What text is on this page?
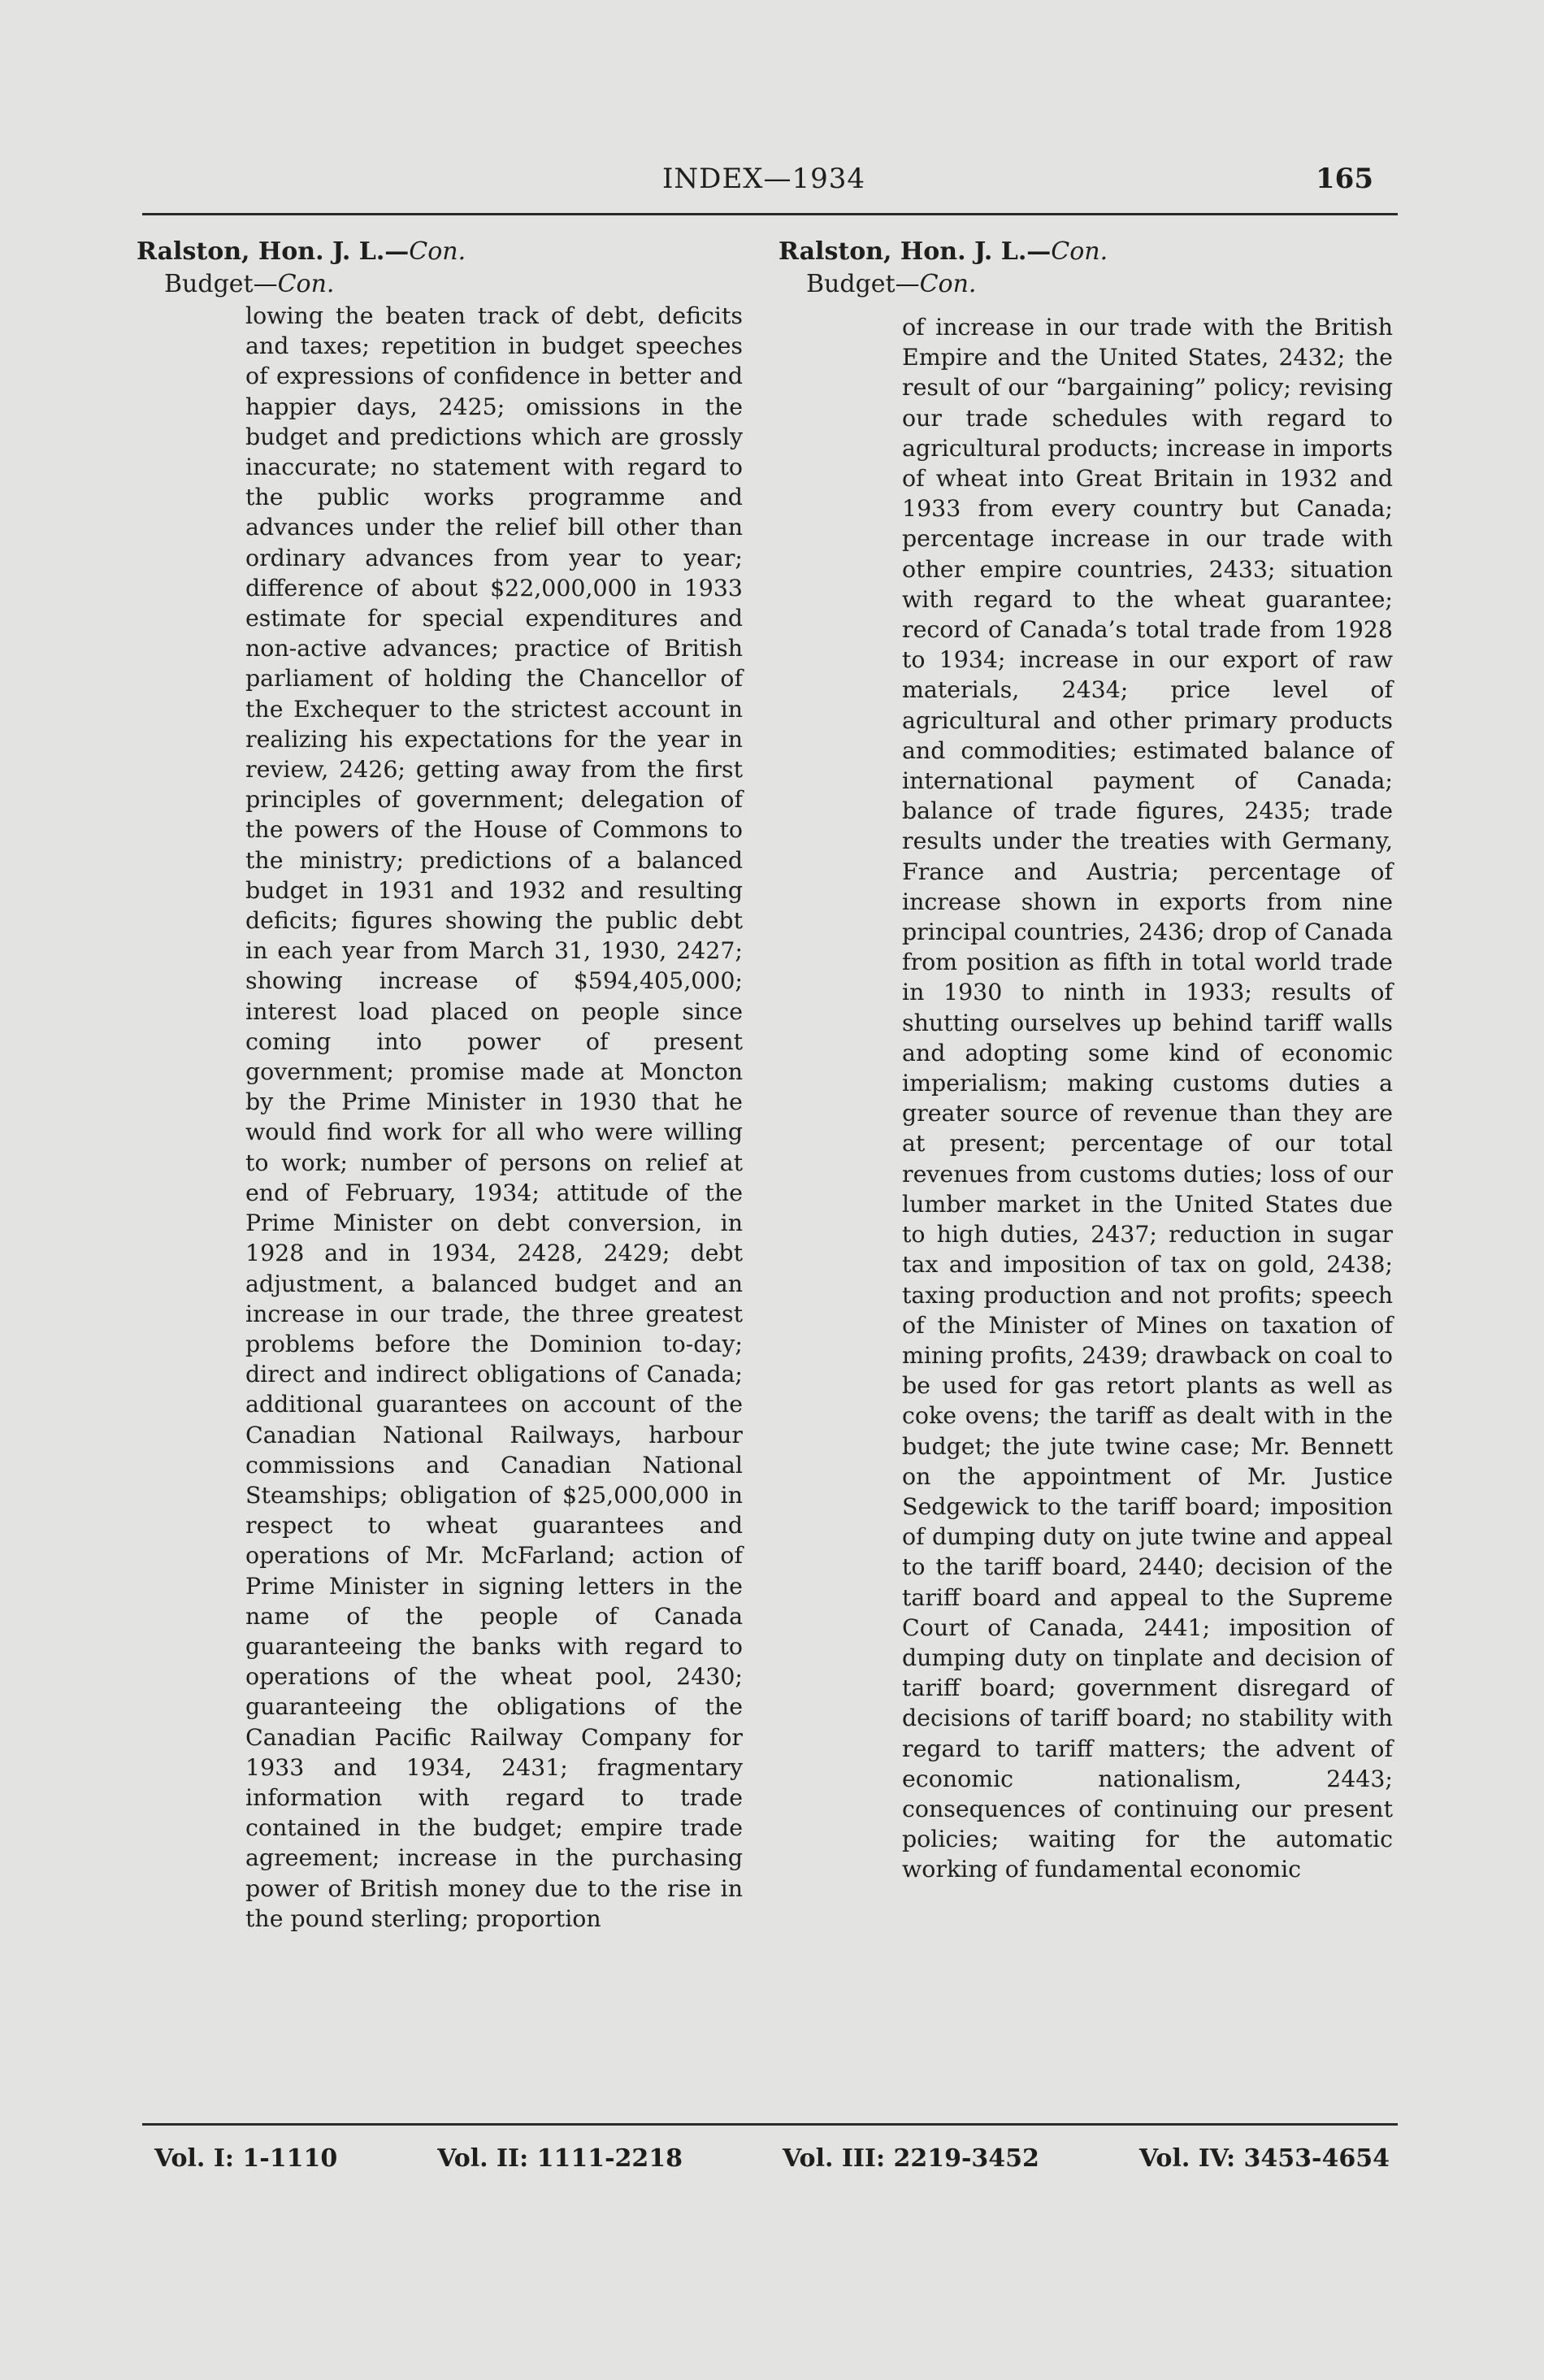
INDEX—1934	165

Ralston, Hon. J. L.—Con.

Budget—Con.

lowing the beaten track of debt, deficits and taxes; repetition in budget speeches of expressions of confidence in better and happier days, 2425; omissions in the budget and predictions which are grossly inaccurate; no statement with regard to the public works programme and advances under the relief bill other than ordinary advances from year to year; difference of about $22,000,000 in 1933 estimate for special expenditures and non-active advances; practice of British parliament of holding the Chancellor of the Exchequer to the strictest account in realizing his expectations for the year in review, 2426; getting away from the first principles of government; delegation of the powers of the House of Commons to the ministry; predictions of a balanced budget in 1931 and 1932 and resulting deficits; figures showing the public debt in each year from March 31, 1930, 2427; showing increase of $594,405,000; interest load placed on people since coming into power of present government; promise made at Moncton by the Prime Minister in 1930 that he would find work for all who were willing to work; number of persons on relief at end of February, 1934; attitude of the Prime Minister on debt conversion, in 1928 and in 1934, 2428, 2429; debt adjustment, a balanced budget and an increase in our trade, the three greatest problems before the Dominion to-day; direct and indirect obligations of Canada; additional guarantees on account of the Canadian National Railways, harbour commissions and Canadian National Steamships; obligation of $25,000,000 in respect to wheat guarantees and operations of Mr. McFarland; action of Prime Minister in signing letters in the name of the people of Canada guaranteeing the banks with regard to operations of the wheat pool, 2430; guaranteeing the obligations of the Canadian Pacific Railway Company for 1933 and 1934, 2431; fragmentary information with regard to trade contained in the budget; empire trade agreement; increase in the purchasing power of British money due to the rise in the pound sterling; proportion

Ralston, Hon. J. L.—Con.

Budget—Con.

of increase in our trade with the British Empire and the United States, 2432; the result of our “bargaining” policy; revising our trade schedules with regard to agricultural products; increase in imports of wheat into Great Britain in 1932 and 1933 from every country but Canada; percentage increase in our trade with other empire countries, 2433; situation with regard to the wheat guarantee; record of Canada’s total trade from 1928 to 1934; increase in our export of raw materials, 2434; price level of agricultural and other primary products and commodities; estimated balance of international payment of Canada; balance of trade figures, 2435; trade results under the treaties with Germany, France and Austria; percentage of increase shown in exports from nine principal countries, 2436; drop of Canada from position as fifth in total world trade in 1930 to ninth in 1933; results of shutting ourselves up behind tariff walls and adopting some kind of economic imperialism; making customs duties a greater source of revenue than they are at present; percentage of our total revenues from customs duties; loss of our lumber market in the United States due to high duties, 2437; reduction in sugar tax and imposition of tax on gold, 2438; taxing production and not profits; speech of the Minister of Mines on taxation of mining profits, 2439; drawback on coal to be used for gas retort plants as well as coke ovens; the tariff as dealt with in the budget; the jute twine case; Mr. Bennett on the appointment of Mr. Justice Sedgewick to the tariff board; imposition of dumping duty on jute twine and appeal to the tariff board, 2440; decision of the tariff board and appeal to the Supreme Court of Canada, 2441; imposition of dumping duty on tinplate and decision of tariff board; government disregard of decisions of tariff board; no stability with regard to tariff matters; the advent of economic nationalism, 2443; consequences of continuing our present policies; waiting for the automatic working of fundamental economic

Vol. I: 1-1110	Vol. II: 1111-2218	Vol. III: 2219-3452	Vol. IV: 3453-4654
